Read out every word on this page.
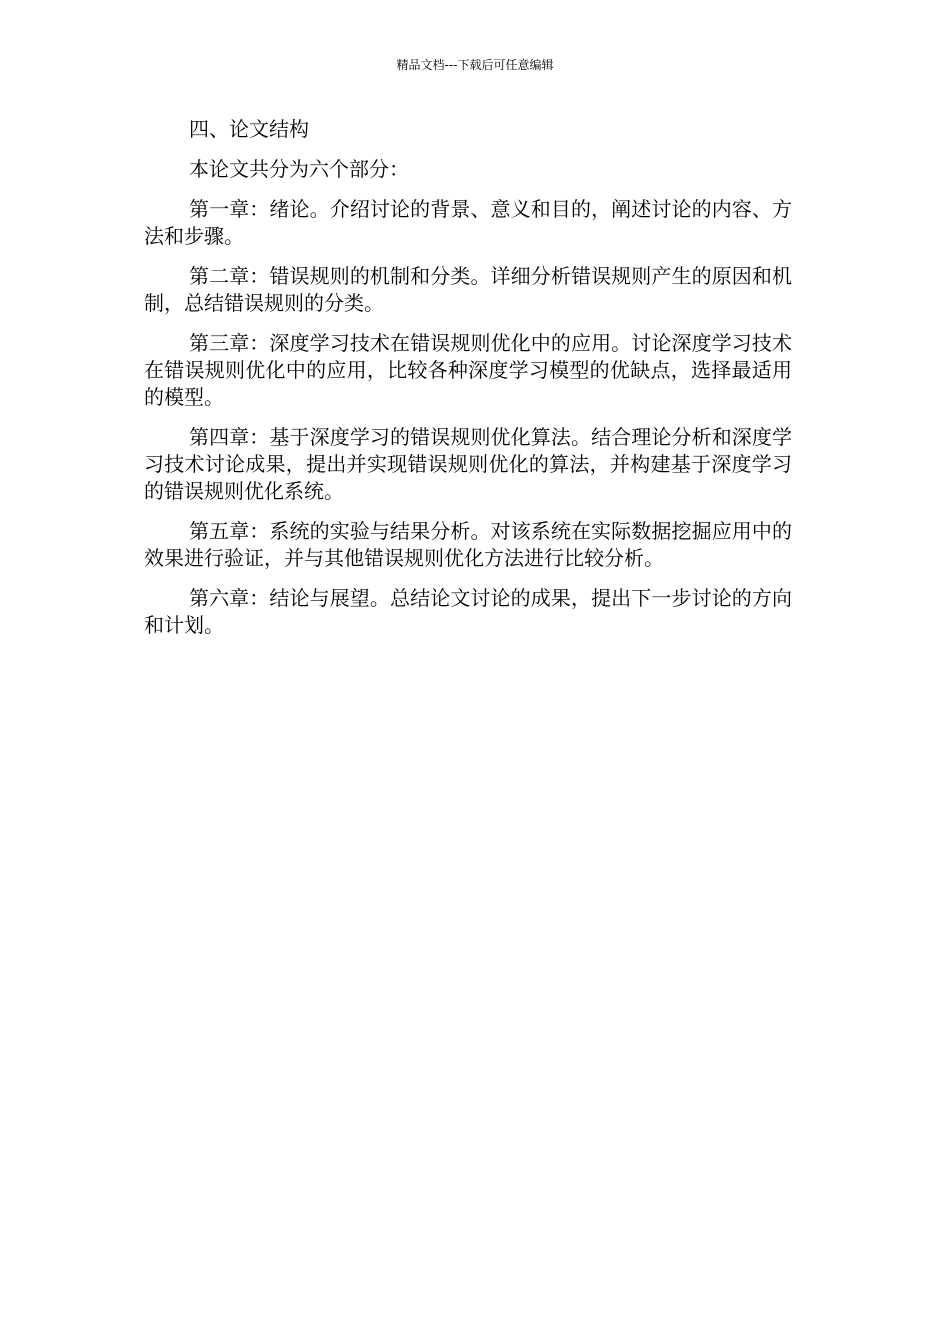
精品文档---下载后可任意编辑

四、论文结构

本论文共分为六个部分：

第一章：绪论。介绍讨论的背景、意义和目的，阐述讨论的内容、方法和步骤。

第二章：错误规则的机制和分类。详细分析错误规则产生的原因和机制，总结错误规则的分类。

第三章：深度学习技术在错误规则优化中的应用。讨论深度学习技术在错误规则优化中的应用，比较各种深度学习模型的优缺点，选择最适用的模型。

第四章：基于深度学习的错误规则优化算法。结合理论分析和深度学习技术讨论成果，提出并实现错误规则优化的算法，并构建基于深度学习的错误规则优化系统。

第五章：系统的实验与结果分析。对该系统在实际数据挖掘应用中的效果进行验证，并与其他错误规则优化方法进行比较分析。

第六章：结论与展望。总结论文讨论的成果，提出下一步讨论的方向和计划。
